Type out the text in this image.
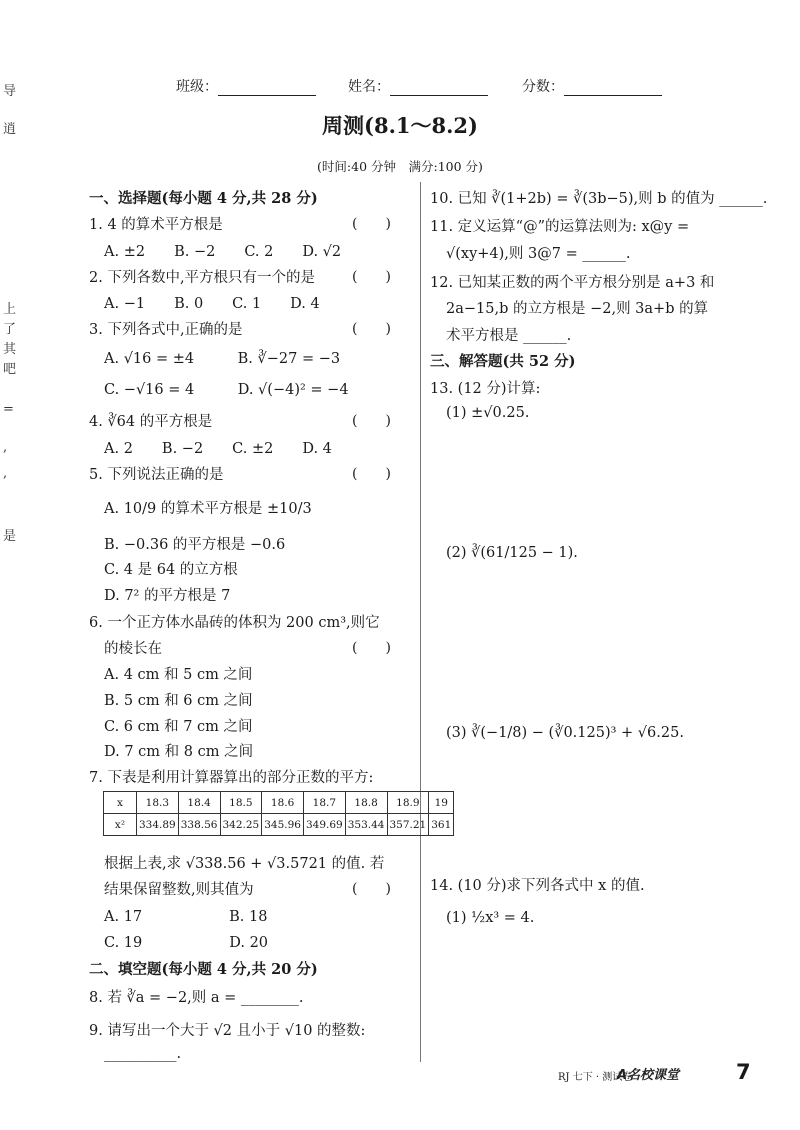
导
逍
上
了
其
吧
=
,
,
是
班级：	姓名：	分数：
周测(8.1～8.2)
(时间:40 分钟　满分:100 分)
一、选择题(每小题 4 分,共 28 分)
1. 4 的算术平方根是	(　　)
A. ±2　　B. −2　　C. 2　　D. √2
2. 下列各数中,平方根只有一个的是	(　　)
A. −1　　B. 0　　C. 1　　D. 4
3. 下列各式中,正确的是	(　　)
A. √16 = ±4　　　B. ∛−27 = −3
C. −√16 = 4　　　D. √(−4)² = −4
4. ∛64 的平方根是	(　　)
A. 2　　B. −2　　C. ±2　　D. 4
5. 下列说法正确的是	(　　)
A. 10/9 的算术平方根是 ±10/3
B. −0.36 的平方根是 −0.6
C. 4 是 64 的立方根
D. 7² 的平方根是 7
6. 一个正方体水晶砖的体积为 200 cm³,则它
的棱长在	(　　)
A. 4 cm 和 5 cm 之间
B. 5 cm 和 6 cm 之间
C. 6 cm 和 7 cm 之间
D. 7 cm 和 8 cm 之间
7. 下表是利用计算器算出的部分正数的平方:
x	18.3	18.4	18.5	18.6	18.7	18.8	18.9	19
x²	334.89	338.56	342.25	345.96	349.69	353.44	357.21	361
根据上表,求 √338.56 + √3.5721 的值. 若
结果保留整数,则其值为	(　　)
A. 17　　　　　　B. 18
C. 19　　　　　　D. 20
二、填空题(每小题 4 分,共 20 分)
8. 若 ∛a = −2,则 a = ________.
9. 请写出一个大于 √2 且小于 √10 的整数:
__________.
10. 已知 ∛(1+2b) = ∛(3b−5),则 b 的值为 ______.
11. 定义运算“@”的运算法则为: x@y =
√(xy+4),则 3@7 = ______.
12. 已知某正数的两个平方根分别是 a+3 和
2a−15,b 的立方根是 −2,则 3a+b 的算
术平方根是 ______.
三、解答题(共 52 分)
13. (12 分)计算:
(1) ±√0.25.
(2) ∛(61/125 − 1).
(3) ∛(−1/8) − (∛0.125)³ + √6.25.
14. (10 分)求下列各式中 x 的值.
(1) ½x³ = 4.
RJ 七下 · 测试卷
A名校课堂	7
